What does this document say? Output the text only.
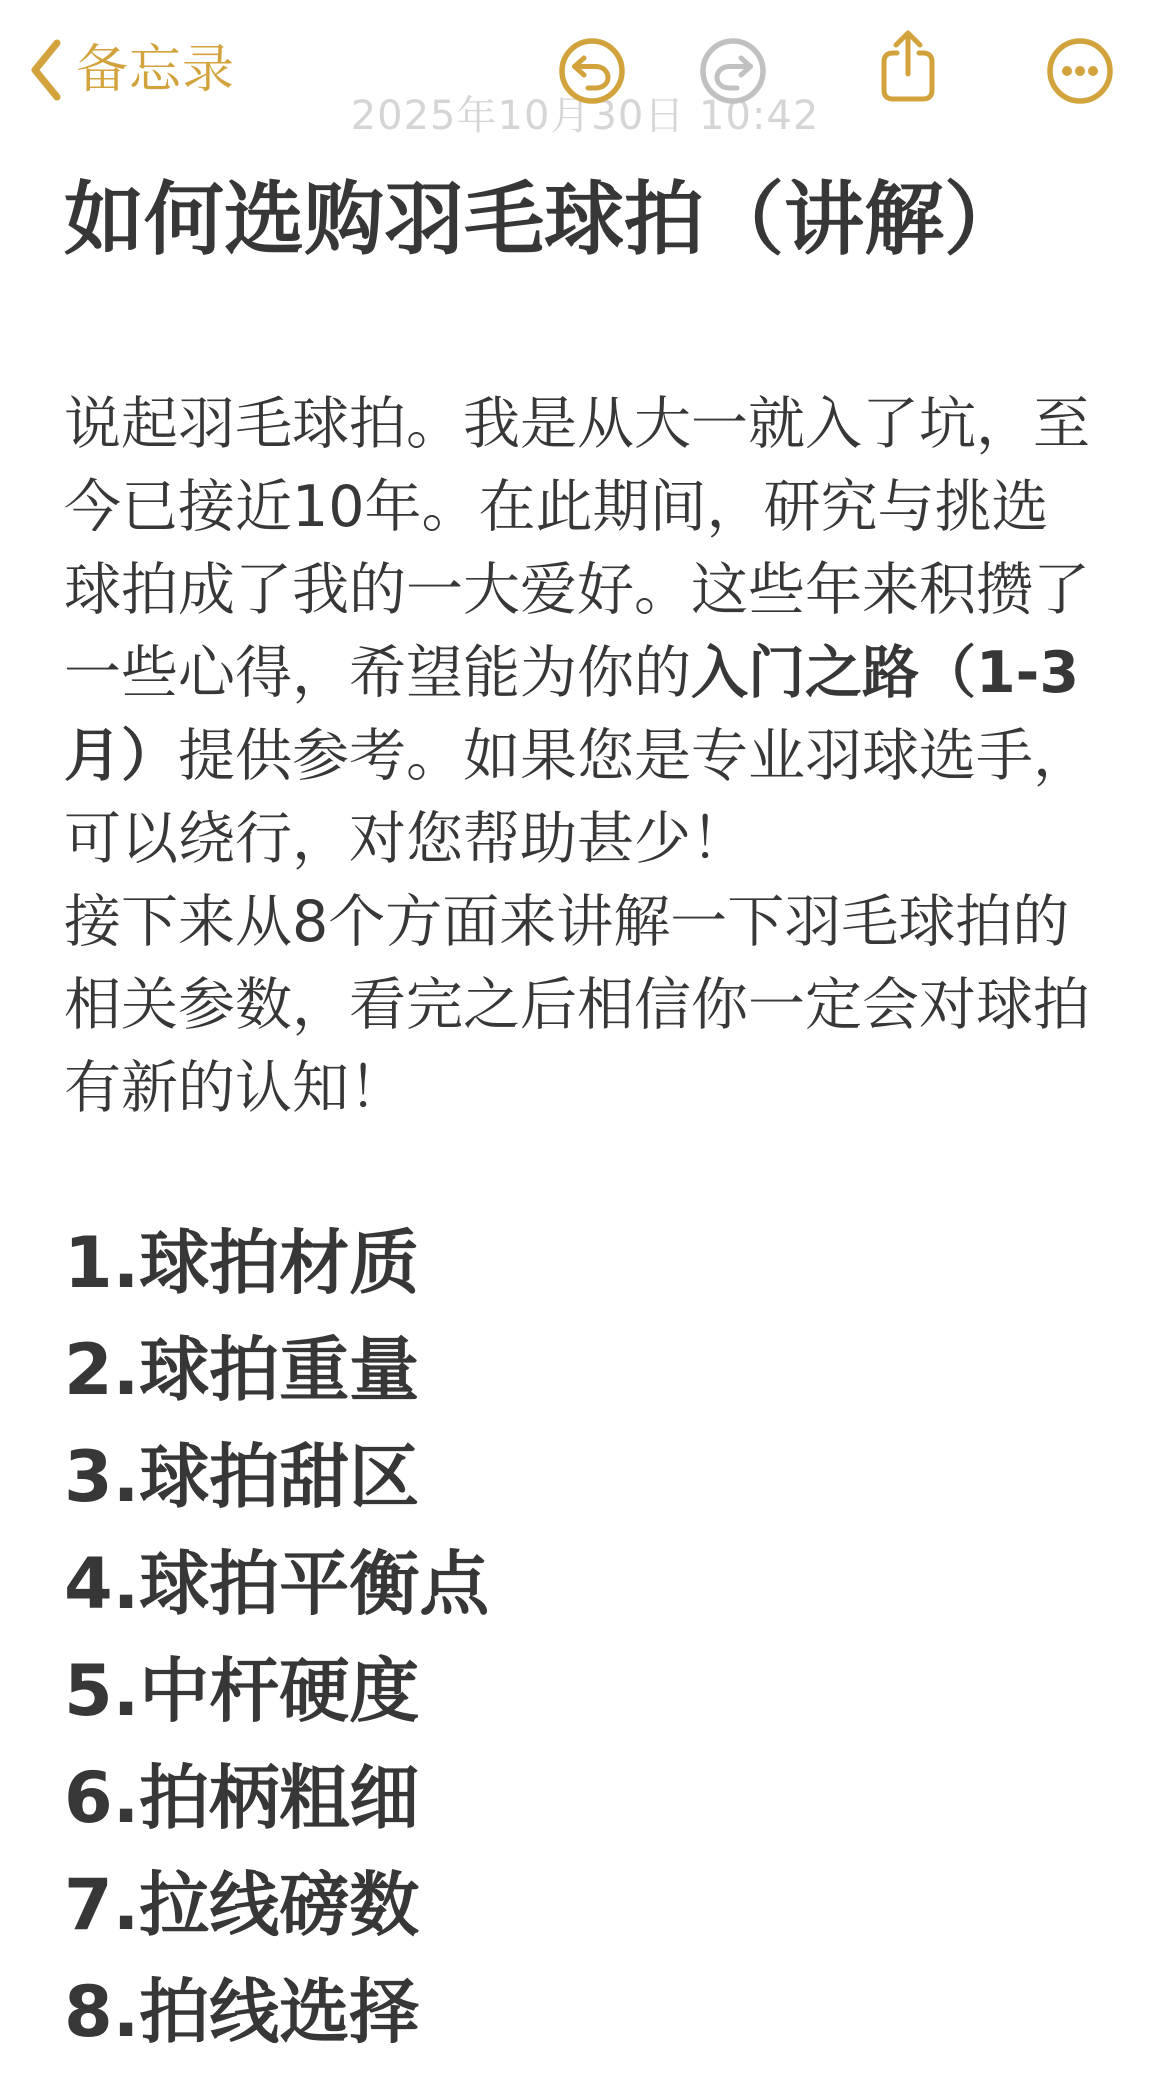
2025年10月30日 10:42
备忘录
如何选购羽毛球拍（讲解）
说起羽毛球拍。我是从大一就入了坑，至
今已接近10年。在此期间，研究与挑选
球拍成了我的一大爱好。这些年来积攒了
一些心得，希望能为你的入门之路（1-3
月）提供参考。如果您是专业羽球选手，
可以绕行，对您帮助甚少！
接下来从8个方面来讲解一下羽毛球拍的
相关参数，看完之后相信你一定会对球拍
有新的认知！
1.球拍材质
2.球拍重量
3.球拍甜区
4.球拍平衡点
5.中杆硬度
6.拍柄粗细
7.拉线磅数
8.拍线选择
